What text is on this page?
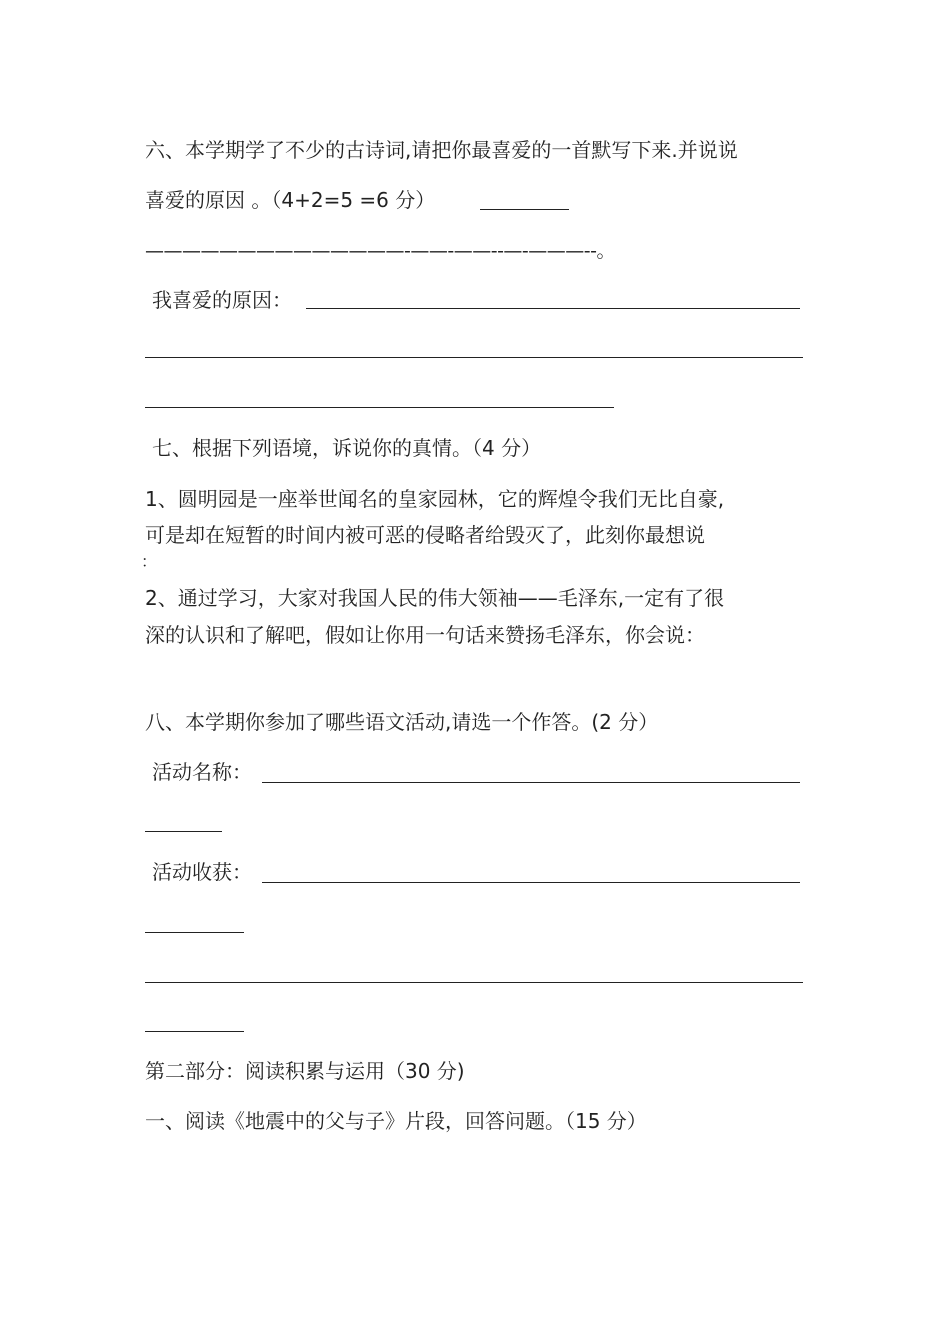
六、本学期学了不少的古诗词,请把你最喜爱的一首默写下来.并说说
喜爱的原因 。（4+2=5 =6 分）
——————————————-——-——--—-———--。
我喜爱的原因：
七、根据下列语境，诉说你的真情。（4 分）
1、圆明园是一座举世闻名的皇家园林，它的辉煌令我们无比自豪,
可是却在短暂的时间内被可恶的侵略者给毁灭了，此刻你最想说
：
2、通过学习，大家对我国人民的伟大领袖——毛泽东,一定有了很
深的认识和了解吧，假如让你用一句话来赞扬毛泽东，你会说：
八、本学期你参加了哪些语文活动,请选一个作答。(2 分）
活动名称：
活动收获：
第二部分：阅读积累与运用（30 分)
一、阅读《地震中的父与子》片段，回答问题。（15 分）
